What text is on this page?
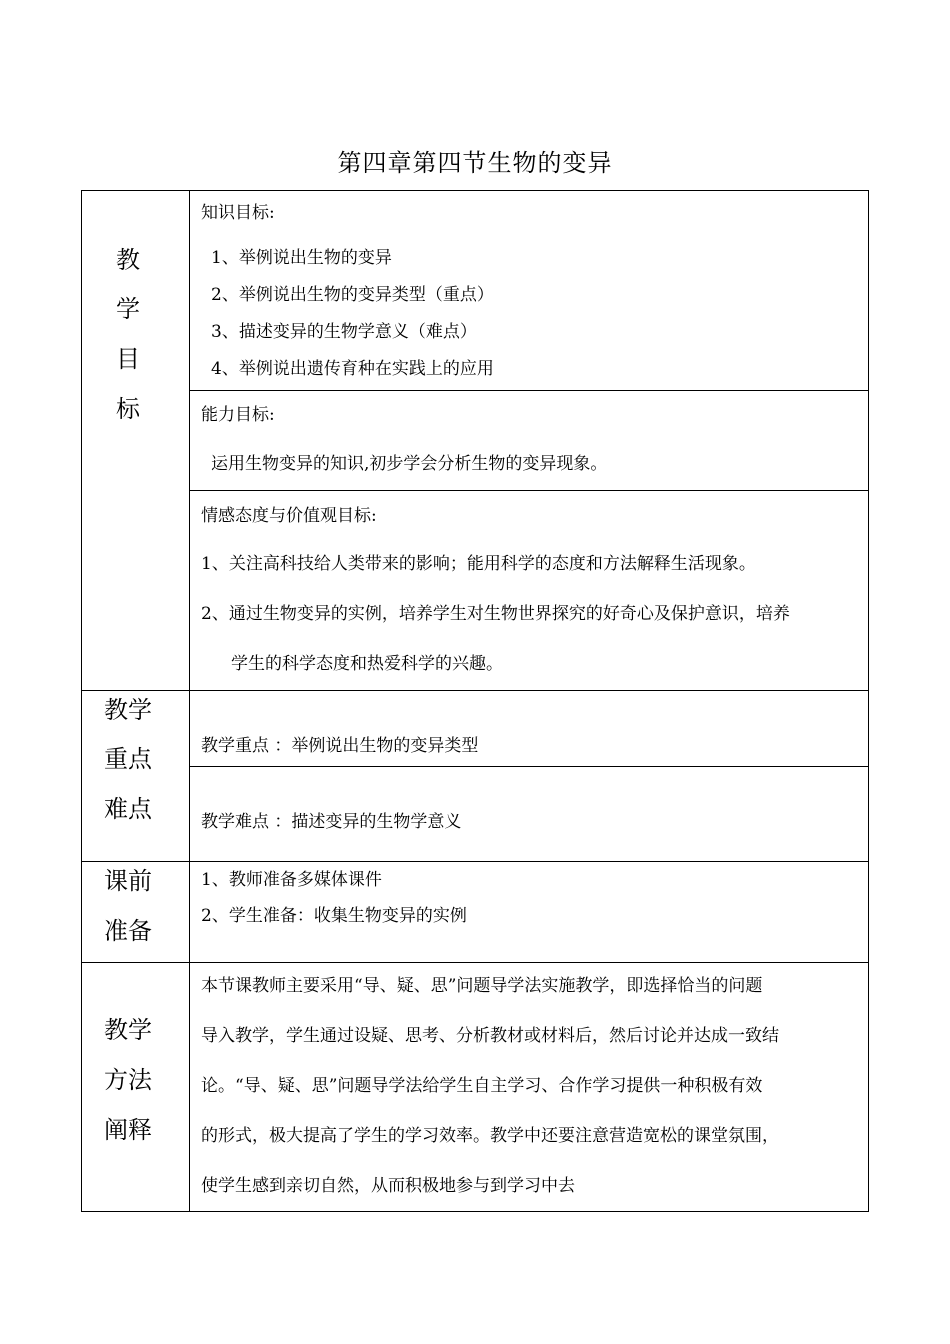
第四章第四节生物的变异
教
学
目
标
知识目标:
1、举例说出生物的变异
2、举例说出生物的变异类型（重点）
3、描述变异的生物学意义（难点）
4、举例说出遗传育种在实践上的应用
能力目标:
运用生物变异的知识,初步学会分析生物的变异现象。
情感态度与价值观目标:
1、关注高科技给人类带来的影响；能用科学的态度和方法解释生活现象。
2、通过生物变异的实例，培养学生对生物世界探究的好奇心及保护意识，培养
学生的科学态度和热爱科学的兴趣。
教学
重点
难点
教学重点 ：举例说出生物的变异类型
教学难点 ：描述变异的生物学意义
课前
准备
1、教师准备多媒体课件
2、学生准备：收集生物变异的实例
教学
方法
阐释
本节课教师主要采用“导、疑、思”问题导学法实施教学，即选择恰当的问题
导入教学，学生通过设疑、思考、分析教材或材料后，然后讨论并达成一致结
论。“导、疑、思”问题导学法给学生自主学习、合作学习提供一种积极有效
的形式，极大提高了学生的学习效率。教学中还要注意营造宽松的课堂氛围，
使学生感到亲切自然，从而积极地参与到学习中去
